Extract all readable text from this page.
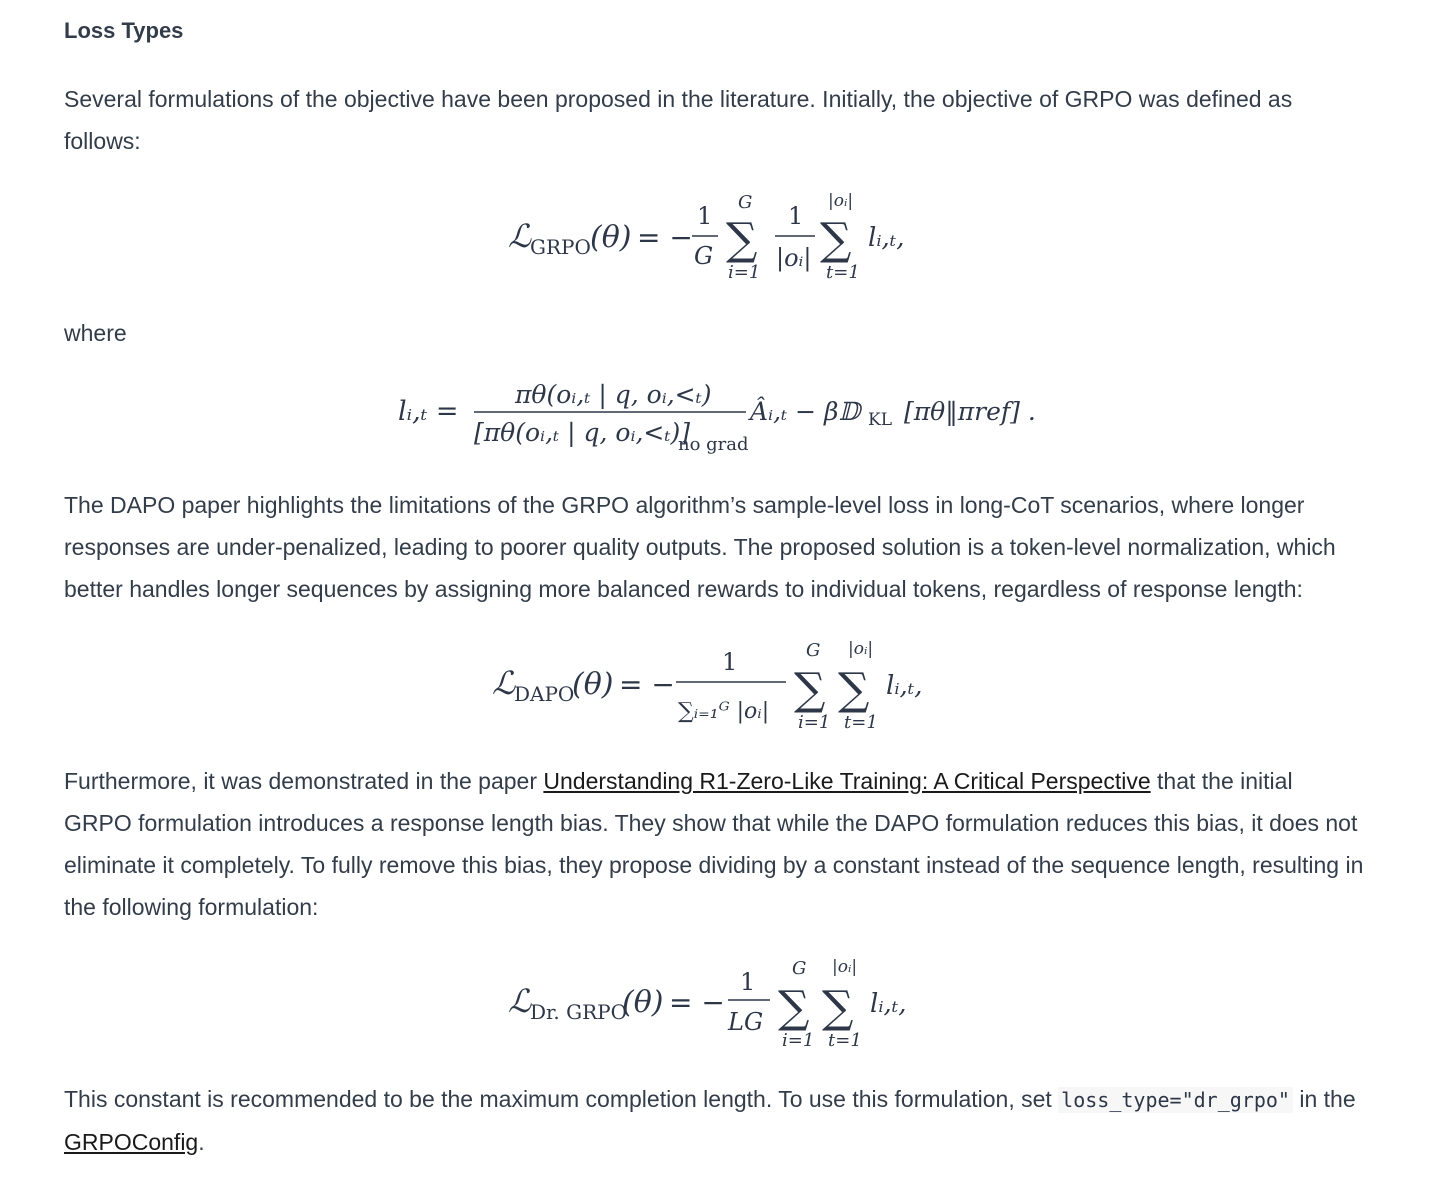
Loss Types

Several formulations of the objective have been proposed in the literature. Initially, the objective of GRPO was defined as follows:

ℒ
GRPO (θ) = −
1
G
G
∑
i=1
1
|oᵢ|
|oᵢ|
∑
t=1
lᵢ,ₜ,

where

lᵢ,ₜ =
πθ(oᵢ,ₜ | q, oᵢ,<ₜ)
[πθ(oᵢ,ₜ | q, oᵢ,<ₜ)]
no grad
Âᵢ,ₜ − β𝔻 KL [πθ‖πref] .

The DAPO paper highlights the limitations of the GRPO algorithm’s sample-level loss in long-CoT scenarios, where longer responses are under-penalized, leading to poorer quality outputs. The proposed solution is a token-level normalization, which better handles longer sequences by assigning more balanced rewards to individual tokens, regardless of response length:

ℒ
DAPO
(θ) = −
1
∑ᵢ₌₁ᴳ |oᵢ|
G
∑
i=1
|oᵢ|
∑
t=1
lᵢ,ₜ,

Furthermore, it was demonstrated in the paper Understanding R1-Zero-Like Training: A Critical Perspective that the initial GRPO formulation introduces a response length bias. They show that while the DAPO formulation reduces this bias, it does not eliminate it completely. To fully remove this bias, they propose dividing by a constant instead of the sequence length, resulting in the following formulation:

ℒ
Dr. GRPO
(θ) = −
1
LG
G
∑
i=1
|oᵢ|
∑
t=1
lᵢ,ₜ,

This constant is recommended to be the maximum completion length. To use this formulation, set loss_type="dr_grpo" in the GRPOConfig.
